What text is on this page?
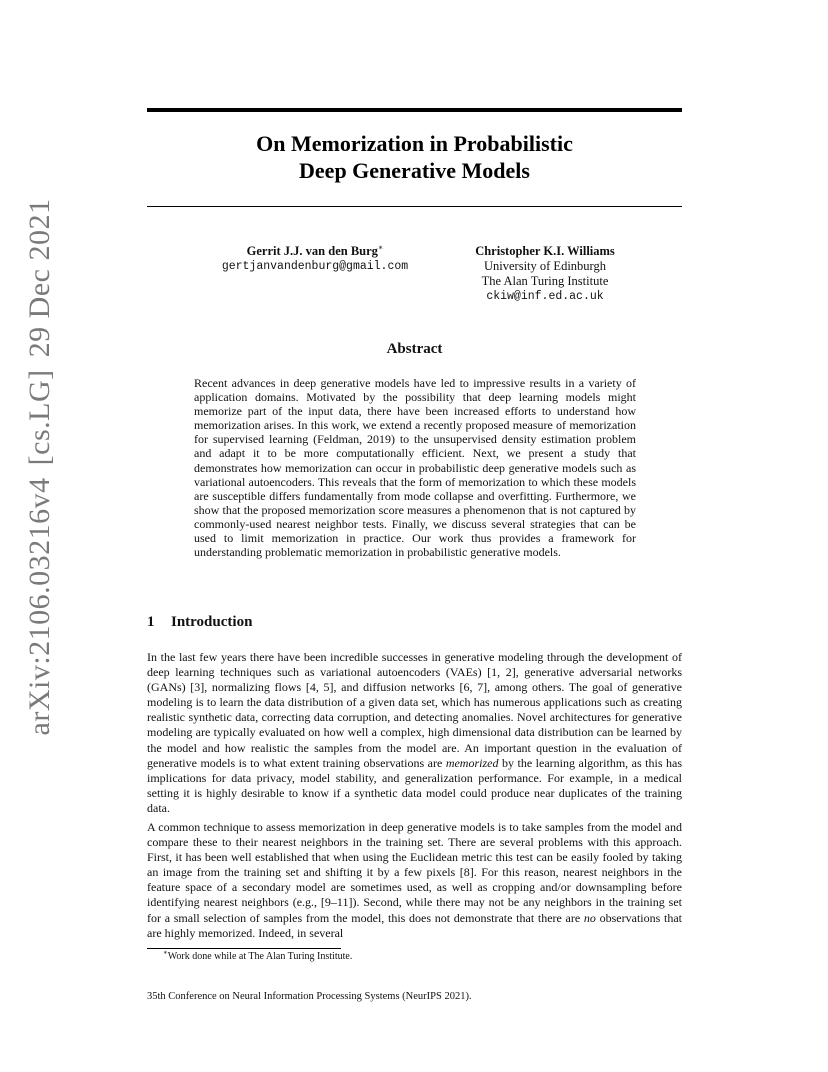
arXiv:2106.03216v4[cs.LG]29 Dec 2021
On Memorization in Probabilistic
Deep Generative Models
Gerrit J.J. van den Burg∗
gertjanvandenburg@gmail.com
Christopher K.I. Williams
University of Edinburgh
The Alan Turing Institute
ckiw@inf.ed.ac.uk
Abstract
Recent advances in deep generative models have led to impressive results in a variety of application domains. Motivated by the possibility that deep learning models might memorize part of the input data, there have been increased efforts to understand how memorization arises. In this work, we extend a recently proposed measure of memorization for supervised learning (Feldman, 2019) to the unsupervised density estimation problem and adapt it to be more computationally efficient. Next, we present a study that demonstrates how memorization can occur in probabilistic deep generative models such as variational autoencoders. This reveals that the form of memorization to which these models are susceptible differs fundamentally from mode collapse and overfitting. Furthermore, we show that the proposed memorization score measures a phenomenon that is not captured by commonly-used nearest neighbor tests. Finally, we discuss several strategies that can be used to limit memorization in practice. Our work thus provides a framework for understanding problematic memorization in probabilistic generative models.
1 Introduction

In the last few years there have been incredible successes in generative modeling through the development of deep learning techniques such as variational autoencoders (VAEs) [1, 2], generative adversarial networks (GANs) [3], normalizing flows [4, 5], and diffusion networks [6, 7], among others. The goal of generative modeling is to learn the data distribution of a given data set, which has numerous applications such as creating realistic synthetic data, correcting data corruption, and detecting anomalies. Novel architectures for generative modeling are typically evaluated on how well a complex, high dimensional data distribution can be learned by the model and how realistic the samples from the model are. An important question in the evaluation of generative models is to what extent training observations are memorized by the learning algorithm, as this has implications for data privacy, model stability, and generalization performance. For example, in a medical setting it is highly desirable to know if a synthetic data model could produce near duplicates of the training data.

A common technique to assess memorization in deep generative models is to take samples from the model and compare these to their nearest neighbors in the training set. There are several problems with this approach. First, it has been well established that when using the Euclidean metric this test can be easily fooled by taking an image from the training set and shifting it by a few pixels [8]. For this reason, nearest neighbors in the feature space of a secondary model are sometimes used, as well as cropping and/or downsampling before identifying nearest neighbors (e.g., [9–11]). Second, while there may not be any neighbors in the training set for a small selection of samples from the model, this does not demonstrate that there are no observations that are highly memorized. Indeed, in several

∗Work done while at The Alan Turing Institute.
35th Conference on Neural Information Processing Systems (NeurIPS 2021).
